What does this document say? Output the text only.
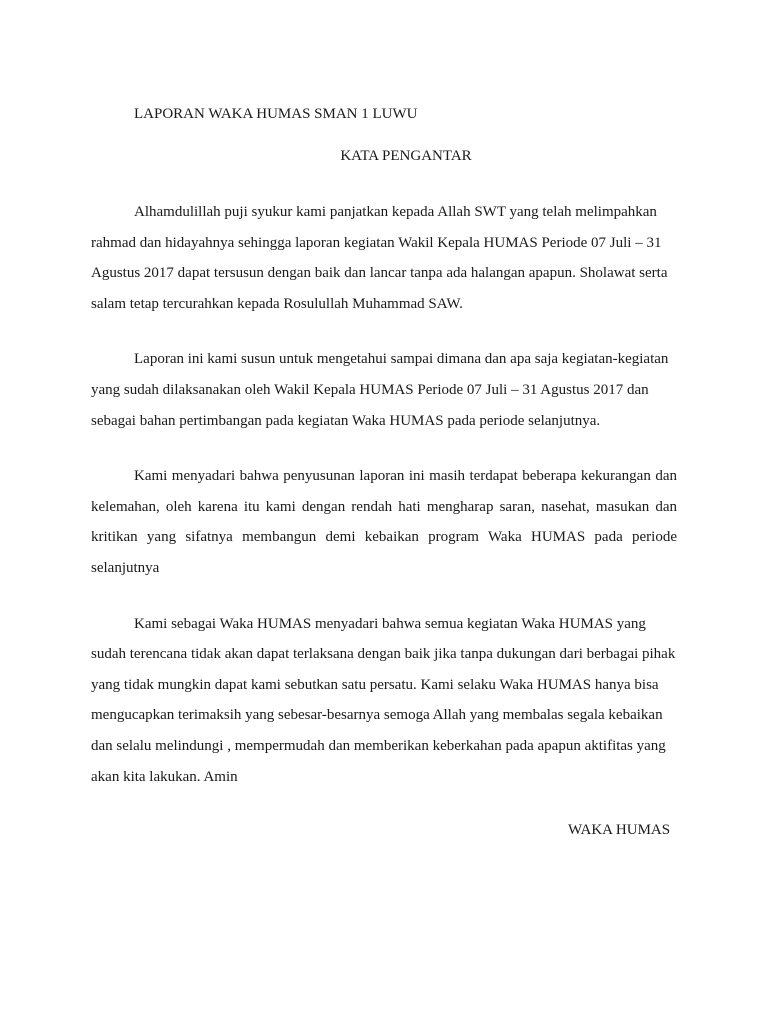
LAPORAN WAKA HUMAS SMAN 1 LUWU
KATA PENGANTAR

Alhamdulillah puji syukur kami panjatkan kepada Allah SWT yang telah melimpahkan rahmad dan hidayahnya sehingga laporan kegiatan Wakil Kepala HUMAS Periode 07 Juli – 31 Agustus 2017 dapat tersusun dengan baik dan lancar tanpa ada halangan apapun. Sholawat serta salam tetap tercurahkan kepada Rosulullah Muhammad SAW.

Laporan ini kami susun untuk mengetahui sampai dimana dan apa saja kegiatan-kegiatan yang sudah dilaksanakan oleh Wakil Kepala HUMAS Periode 07 Juli – 31 Agustus 2017 dan sebagai bahan pertimbangan pada kegiatan Waka HUMAS pada periode selanjutnya.

Kami menyadari bahwa penyusunan laporan ini masih terdapat beberapa kekurangan dan kelemahan, oleh karena itu kami dengan rendah hati mengharap saran, nasehat, masukan dan kritikan yang sifatnya membangun demi kebaikan program Waka HUMAS pada periode selanjutnya

Kami sebagai Waka HUMAS menyadari bahwa semua kegiatan Waka HUMAS yang sudah terencana tidak akan dapat terlaksana dengan baik jika tanpa dukungan dari berbagai pihak yang tidak mungkin dapat kami sebutkan satu persatu. Kami selaku Waka HUMAS hanya bisa mengucapkan terimaksih yang sebesar-besarnya semoga Allah yang membalas segala kebaikan dan selalu melindungi , mempermudah dan memberikan keberkahan pada apapun aktifitas yang akan kita lakukan. Amin

WAKA HUMAS
